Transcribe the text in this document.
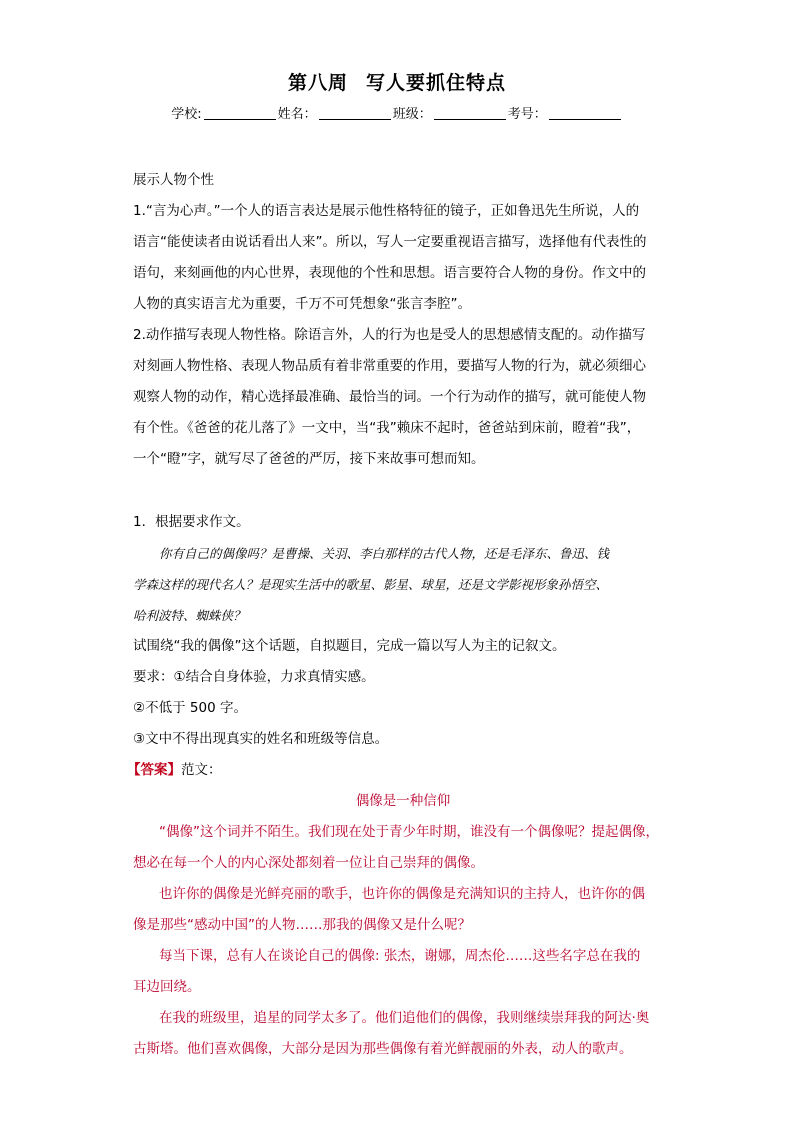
第八周 写人要抓住特点
学校:	姓名：	班级：	考号：
展示人物个性
1.“言为心声。”一个人的语言表达是展示他性格特征的镜子，正如鲁迅先生所说，人的
语言“能使读者由说话看出人来”。所以，写人一定要重视语言描写，选择他有代表性的
语句，来刻画他的内心世界，表现他的个性和思想。语言要符合人物的身份。作文中的
人物的真实语言尤为重要，千万不可凭想象“张言李腔”。
2.动作描写表现人物性格。除语言外，人的行为也是受人的思想感情支配的。动作描写
对刻画人物性格、表现人物品质有着非常重要的作用，要描写人物的行为，就必须细心
观察人物的动作，精心选择最准确、最恰当的词。一个行为动作的描写，就可能使人物
有个性。《爸爸的花儿落了》一文中，当“我”赖床不起时，爸爸站到床前，瞪着“我”，
一个“瞪”字，就写尽了爸爸的严厉，接下来故事可想而知。
1．根据要求作文。
你有自己的偶像吗？是曹操、关羽、李白那样的古代人物，还是毛泽东、鲁迅、钱
学森这样的现代名人？是现实生活中的歌星、影星、球星，还是文学影视形象孙悟空、
哈利波特、蜘蛛侠？
试围绕“我的偶像”这个话题，自拟题目，完成一篇以写人为主的记叙文。
要求：①结合自身体验，力求真情实感。
②不低于 500 字。
③文中不得出现真实的姓名和班级等信息。
【答案】范文：
偶像是一种信仰
“偶像”这个词并不陌生。我们现在处于青少年时期，谁没有一个偶像呢？提起偶像，
想必在每一个人的内心深处都刻着一位让自己崇拜的偶像。
也许你的偶像是光鲜亮丽的歌手，也许你的偶像是充满知识的主持人，也许你的偶
像是那些“感动中国”的人物……那我的偶像又是什么呢？
每当下课，总有人在谈论自己的偶像: 张杰，谢娜，周杰伦……这些名字总在我的
耳边回绕。
在我的班级里，追星的同学太多了。他们追他们的偶像，我则继续崇拜我的阿达·奥
古斯塔。他们喜欢偶像，大部分是因为那些偶像有着光鲜靓丽的外表，动人的歌声。
